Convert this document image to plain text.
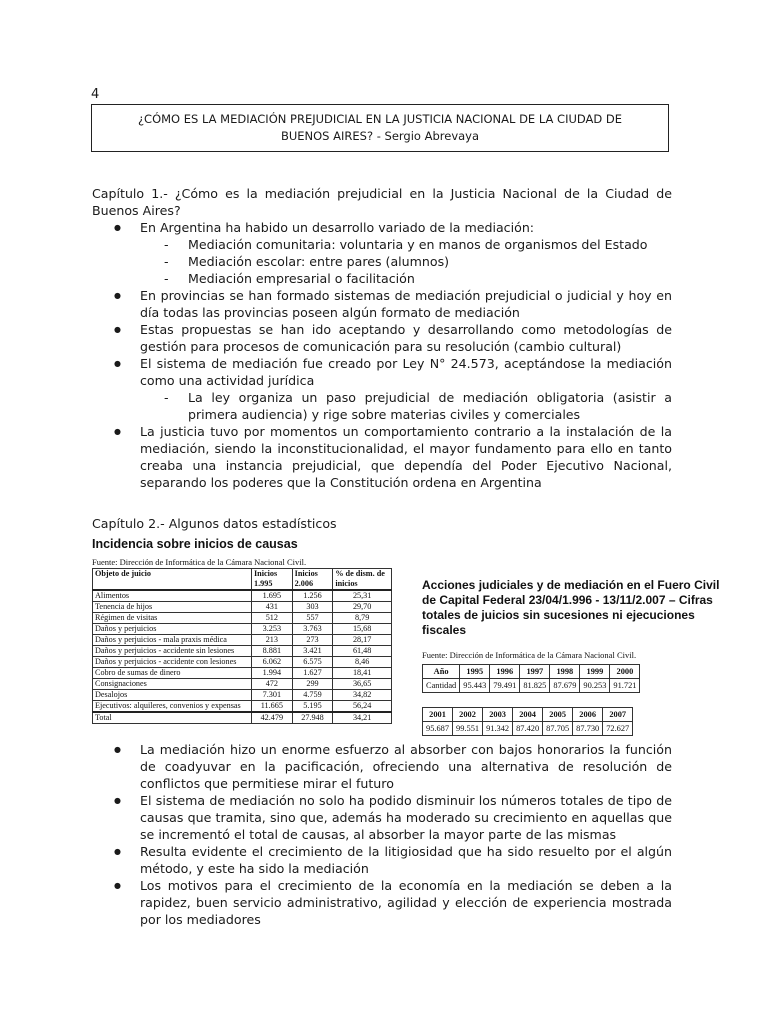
4
¿CÓMO ES LA MEDIACIÓN PREJUDICIAL EN LA JUSTICIA NACIONAL DE LA CIUDAD DE
BUENOS AIRES? - Sergio Abrevaya
Capítulo 1.- ¿Cómo es la mediación prejudicial en la Justicia Nacional de la Ciudad de Buenos Aires?
● En Argentina ha habido un desarrollo variado de la mediación:
- Mediación comunitaria: voluntaria y en manos de organismos del Estado
- Mediación escolar: entre pares (alumnos)
- Mediación empresarial o facilitación
● En provincias se han formado sistemas de mediación prejudicial o judicial y hoy en día todas las provincias poseen algún formato de mediación
● Estas propuestas se han ido aceptando y desarrollando como metodologías de gestión para procesos de comunicación para su resolución (cambio cultural)
● El sistema de mediación fue creado por Ley N° 24.573, aceptándose la mediación como una actividad jurídica
- La ley organiza un paso prejudicial de mediación obligatoria (asistir a primera audiencia) y rige sobre materias civiles y comerciales
● La justicia tuvo por momentos un comportamiento contrario a la instalación de la mediación, siendo la inconstitucionalidad, el mayor fundamento para ello en tanto creaba una instancia prejudicial, que dependía del Poder Ejecutivo Nacional, separando los poderes que la Constitución ordena en Argentina
Capítulo 2.- Algunos datos estadísticos
Incidencia sobre inicios de causas
Fuente: Dirección de Informática de la Cámara Nacional Civil.
Objeto de juicio	Inicios 1.995	Inicios 2.006	% de dism. de inicios
Alimentos	1.695	1.256	25,31
Tenencia de hijos	431	303	29,70
Régimen de visitas	512	557	8,79
Daños y perjuicios	3.253	3.763	15,68
Daños y perjuicios - mala praxis médica	213	273	28,17
Daños y perjuicios - accidente sin lesiones	8.881	3.421	61,48
Daños y perjuicios - accidente con lesiones	6.062	6.575	8,46
Cobro de sumas de dinero	1.994	1.627	18,41
Consignaciones	472	299	36,65
Desalojos	7.301	4.759	34,82
Ejecutivos: alquileres, convenios y expensas	11.665	5.195	56,24
Total	42.479	27.948	34,21
Acciones judiciales y de mediación en el Fuero Civil de Capital Federal 23/04/1.996 - 13/11/2.007 – Cifras totales de juicios sin sucesiones ni ejecuciones fiscales
Fuente: Dirección de Informática de la Cámara Nacional Civil.
Año	1995	1996	1997	1998	1999	2000
Cantidad	95.443	79.491	81.825	87.679	90.253	91.721
2001	2002	2003	2004	2005	2006	2007
95.687	99.551	91.342	87.420	87.705	87.730	72.627
● La mediación hizo un enorme esfuerzo al absorber con bajos honorarios la función de coadyuvar en la pacificación, ofreciendo una alternativa de resolución de conflictos que permitiese mirar el futuro
● El sistema de mediación no solo ha podido disminuir los números totales de tipo de causas que tramita, sino que, además ha moderado su crecimiento en aquellas que se incrementó el total de causas, al absorber la mayor parte de las mismas
● Resulta evidente el crecimiento de la litigiosidad que ha sido resuelto por el algún método, y este ha sido la mediación
● Los motivos para el crecimiento de la economía en la mediación se deben a la rapidez, buen servicio administrativo, agilidad y elección de experiencia mostrada por los mediadores
